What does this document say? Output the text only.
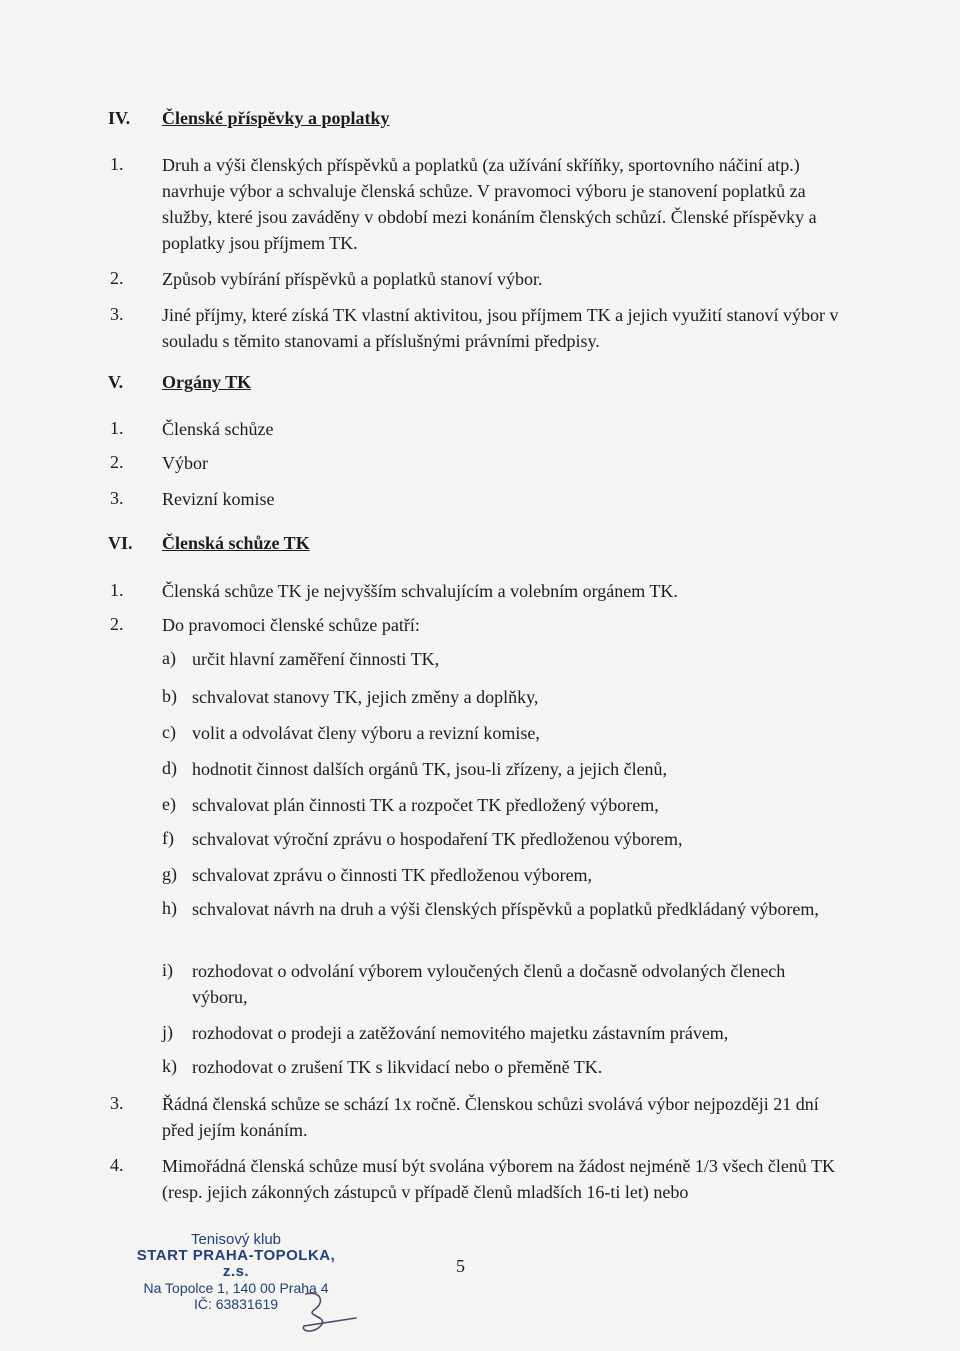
IV. Členské příspěvky a poplatky
1. Druh a výši členských příspěvků a poplatků (za užívání skříňky, sportovního náčiní atp.) navrhuje výbor a schvaluje členská schůze. V pravomoci výboru je stanovení poplatků za služby, které jsou zaváděny v období mezi konáním členských schůzí. Členské příspěvky a poplatky jsou příjmem TK.
2. Způsob vybírání příspěvků a poplatků stanoví výbor.
3. Jiné příjmy, které získá TK vlastní aktivitou, jsou příjmem TK a jejich využití stanoví výbor v souladu s těmito stanovami a příslušnými právními předpisy.
V. Orgány TK
1. Členská schůze
2. Výbor
3. Revizní komise
VI. Členská schůze TK
1. Členská schůze TK je nejvyšším schvalujícím a volebním orgánem TK.
2. Do pravomoci členské schůze patří:
a) určit hlavní zaměření činnosti TK,
b) schvalovat stanovy TK, jejich změny a doplňky,
c) volit a odvolávat členy výboru a revizní komise,
d) hodnotit činnost dalších orgánů TK, jsou-li zřízeny, a jejich členů,
e) schvalovat plán činnosti TK a rozpočet TK předložený výborem,
f) schvalovat výroční zprávu o hospodaření TK předloženou výborem,
g) schvalovat zprávu o činnosti TK předloženou výborem,
h) schvalovat návrh na druh a výši členských příspěvků a poplatků předkládaný výborem,
i) rozhodovat o odvolání výborem vyloučených členů a dočasně odvolaných členech výboru,
j) rozhodovat o prodeji a zatěžování nemovitého majetku zástavním právem,
k) rozhodovat o zrušení TK s likvidací nebo o přeměně TK.
3. Řádná členská schůze se schází 1x ročně. Členskou schůzi svolává výbor nejpozději 21 dní před jejím konáním.
4. Mimořádná členská schůze musí být svolána výborem na žádost nejméně 1/3 všech členů TK (resp. jejich zákonných zástupců v případě členů mladších 16-ti let) nebo
Tenisový klub
START PRAHA-TOPOLKA, z.s.
Na Topolce 1, 140 00 Praha 4
IČ: 63831619
5
